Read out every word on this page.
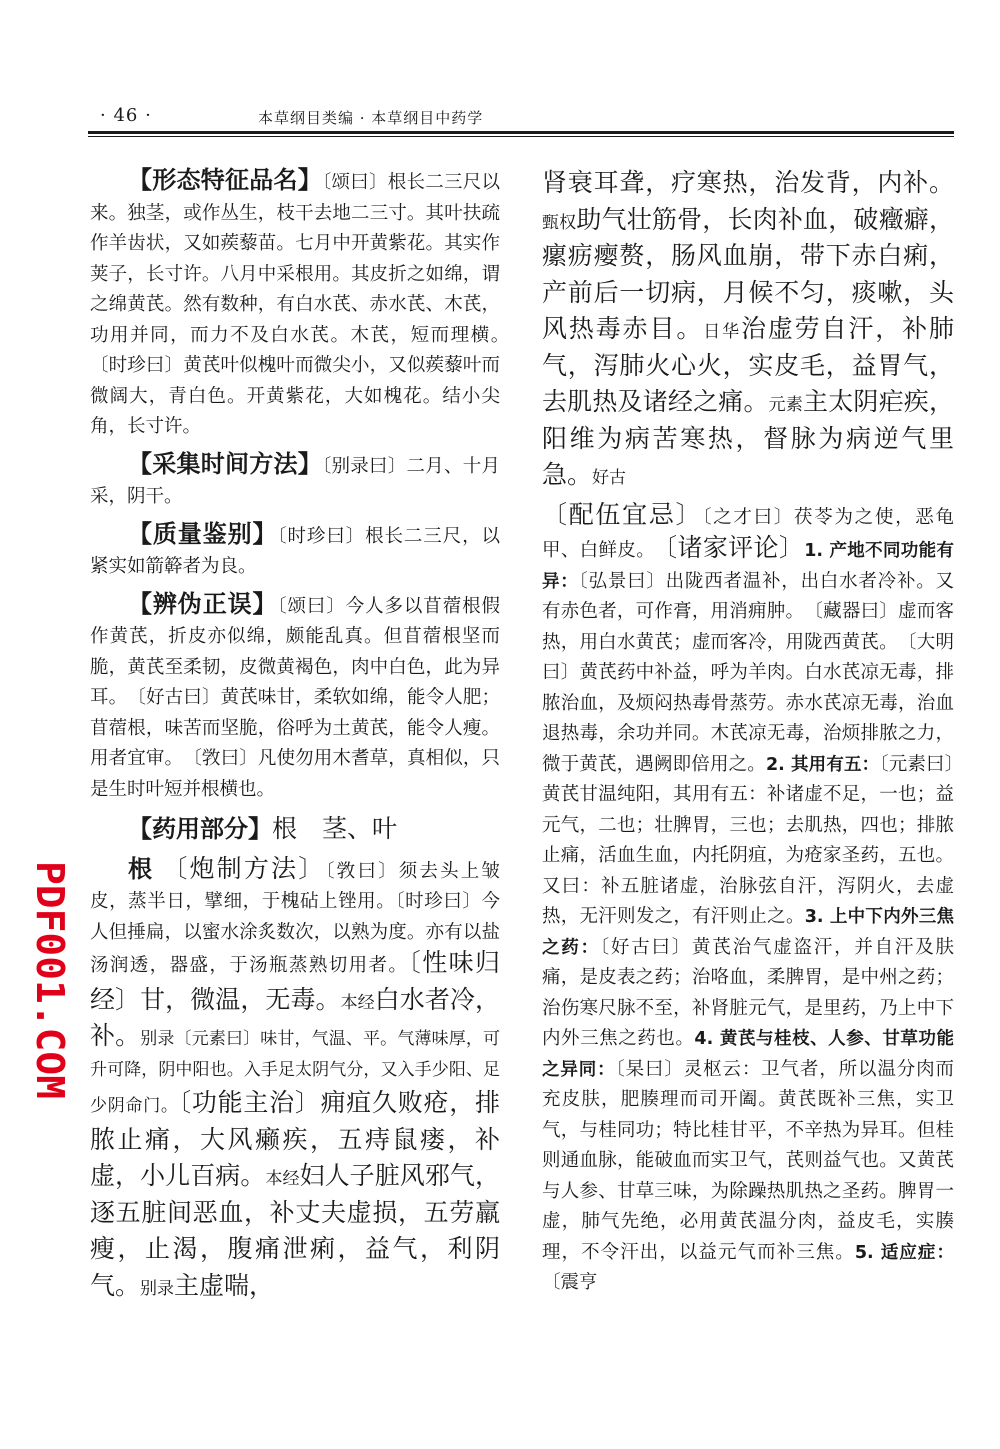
· 46 ·	本草纲目类编 · 本草纲目中药学

【形态特征品名】〔颂曰〕根长二三尺以来。独茎，或作丛生，枝干去地二三寸。其叶扶疏作羊齿状，又如蒺藜苗。七月中开黄紫花。其实作荚子，长寸许。八月中采根用。其皮折之如绵，谓之绵黄芪。然有数种，有白水芪、赤水芪、木芪，功用并同，而力不及白水芪。木芪，短而理横。　〔时珍曰〕黄芪叶似槐叶而微尖小，又似蒺藜叶而微阔大，青白色。开黄紫花，大如槐花。结小尖角，长寸许。

【采集时间方法】〔别录曰〕二月、十月采，阴干。

【质量鉴别】〔时珍曰〕根长二三尺，以紧实如箭簳者为良。

【辨伪正误】〔颂曰〕今人多以苜蓿根假作黄芪，折皮亦似绵，颇能乱真。但苜蓿根坚而脆，黄芪至柔韧，皮微黄褐色，肉中白色，此为异耳。　〔好古曰〕黄芪味甘，柔软如绵，能令人肥；苜蓿根，味苦而坚脆，俗呼为土黄芪，能令人瘦。用者宜审。　〔敩曰〕凡使勿用木耆草，真相似，只是生时叶短并根横也。

【药用部分】根　茎、叶

根　 〔炮制方法〕〔敩曰〕须去头上皱皮，蒸半日，擘细，于槐砧上锉用。〔时珍曰〕今人但捶扁，以蜜水涂炙数次，以熟为度。亦有以盐汤润透，器盛，于汤瓶蒸熟切用者。〔性味归经〕甘，微温，无毒。本经白水者冷，补。别录〔元素曰〕味甘，气温、平。气薄味厚，可升可降，阴中阳也。入手足太阴气分，又入手少阳、足少阴命门。〔功能主治〕痈疽久败疮，排脓止痛，大风癞疾，五痔鼠瘘，补虚，小儿百病。本经妇人子脏风邪气，逐五脏间恶血，补丈夫虚损，五劳羸瘦，止渴，腹痛泄痢，益气，利阴气。别录主虚喘，

肾衰耳聋，疗寒热，治发背，内补。甄权助气壮筋骨，长肉补血，破癥癖，瘰疬瘿赘，肠风血崩，带下赤白痢，产前后一切病，月候不匀，痰嗽，头风热毒赤目。日华治虚劳自汗，补肺气，泻肺火心火，实皮毛，益胃气，去肌热及诸经之痛。元素主太阴疟疾，阳维为病苦寒热，督脉为病逆气里急。好古

〔配伍宜忌〕〔之才曰〕茯苓为之使，恶龟甲、白鲜皮。　 〔诸家评论〕1. 产地不同功能有异：〔弘景曰〕出陇西者温补，出白水者冷补。又有赤色者，可作膏，用消痈肿。　〔藏器曰〕虚而客热，用白水黄芪；虚而客冷，用陇西黄芪。　〔大明曰〕黄芪药中补益，呼为羊肉。白水芪凉无毒，排脓治血，及烦闷热毒骨蒸劳。赤水芪凉无毒，治血退热毒，余功并同。木芪凉无毒，治烦排脓之力，微于黄芪，遇阙即倍用之。2. 其用有五：〔元素曰〕黄芪甘温纯阳，其用有五：补诸虚不足，一也；益元气，二也；壮脾胃，三也；去肌热，四也；排脓止痛，活血生血，内托阴疽，为疮家圣药，五也。又曰：补五脏诸虚，治脉弦自汗，泻阴火，去虚热，无汗则发之，有汗则止之。3. 上中下内外三焦之药：〔好古曰〕黄芪治气虚盗汗，并自汗及肤痛，是皮表之药；治咯血，柔脾胃，是中州之药；治伤寒尺脉不至，补肾脏元气，是里药，乃上中下内外三焦之药也。4. 黄芪与桂枝、人参、甘草功能之异同：〔杲曰〕灵枢云：卫气者，所以温分肉而充皮肤，肥腠理而司开阖。黄芪既补三焦，实卫气，与桂同功；特比桂甘平，不辛热为异耳。但桂则通血脉，能破血而实卫气，芪则益气也。又黄芪与人参、甘草三味，为除躁热肌热之圣药。脾胃一虚，肺气先绝，必用黄芪温分肉，益皮毛，实腠理，不令汗出，以益元气而补三焦。5. 适应症：〔震亨

PDF001.COM
